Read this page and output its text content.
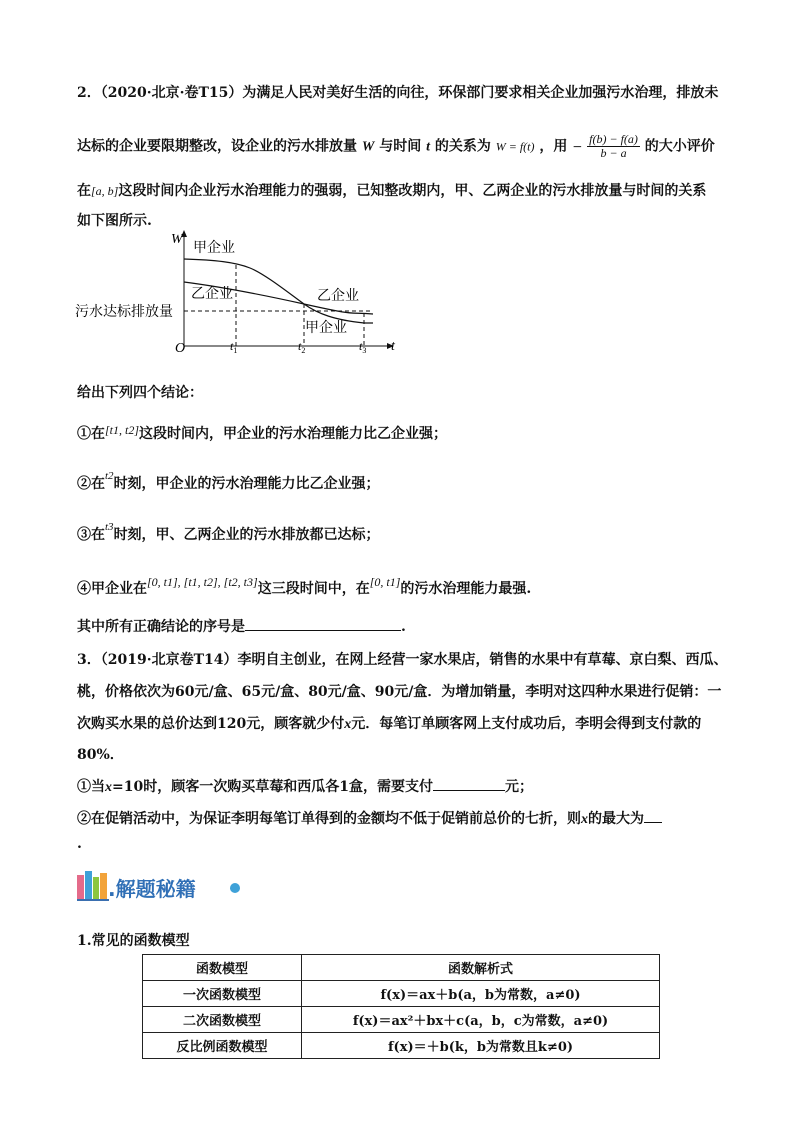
2．（2020·北京·卷T15）为满足人民对美好生活的向往，环保部门要求相关企业加强污水治理，排放未
达标的企业要限期整改，设企业的污水排放量 W 与时间 t 的关系为 W = f(t) ，用 − $\frac{f(b) - f(a)}{b - a}$ 的大小评价
在[a, b]这段时间内企业污水治理能力的强弱，已知整改期内，甲、乙两企业的污水排放量与时间的关系
如下图所示.
W
t
O
污水达标排放量
甲企业
乙企业	乙企业
甲企业
$t_1$	$t_2$	$t_3$
给出下列四个结论：
①在[t1, t2]这段时间内，甲企业的污水治理能力比乙企业强；
②在$^{t2}$时刻，甲企业的污水治理能力比乙企业强；
③在$^{t3}$时刻，甲、乙两企业的污水排放都已达标；
④甲企业在[0, t1], [t1, t2], [t2, t3]这三段时间中，在[0, t1]的污水治理能力最强.
其中所有正确结论的序号是	.
3．（2019·北京卷T14）李明自主创业，在网上经营一家水果店，销售的水果中有草莓、京白梨、西瓜、
桃，价格依次为60元/盒、65元/盒、80元/盒、90元/盒．为增加销量，李明对这四种水果进行促销：一
次购买水果的总价达到120元，顾客就少付x元．每笔订单顾客网上支付成功后，李明会得到支付款的
80%．
①当x=10时，顾客一次购买草莓和西瓜各1盒，需要支付	元；
②在促销活动中，为保证李明每笔订单得到的金额均不低于促销前总价的七折，则x的最大为
.
.解题秘籍
1.常见的函数模型
函数模型	函数解析式
一次函数模型	f(x)＝ax＋b(a，b为常数，a≠0)
二次函数模型	f(x)＝ax²＋bx＋c(a，b，c为常数，a≠0)
反比例函数模型	f(x)＝＋b(k，b为常数且k≠0)
